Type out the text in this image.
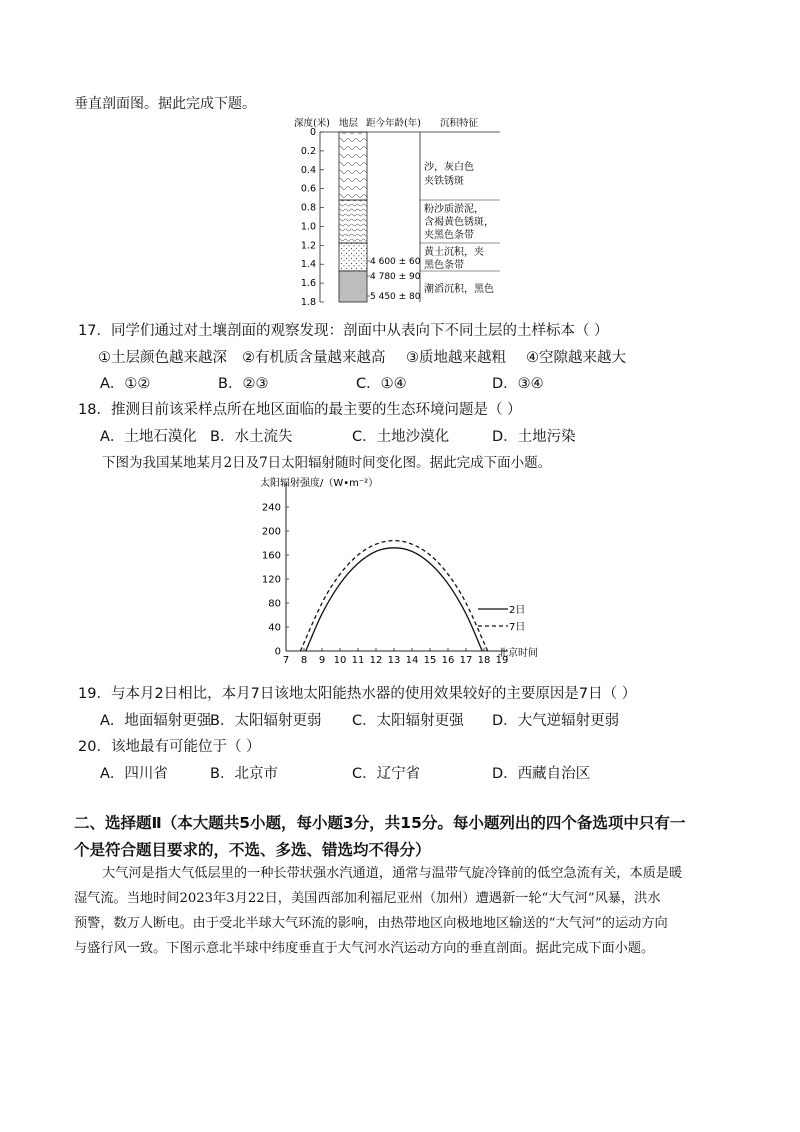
垂直剖面图。据此完成下题。
深度(米) 地层 距今年龄(年) 沉积特征
0
0.2
0.4
0.6
0.8
1.0
1.2
1.4
1.6
1.8
4 600 ± 60
4 780 ± 90
5 450 ± 80
沙，灰白色
夹铁锈斑
粉沙质淤泥，
含褐黄色锈斑，
夹黑色条带
黄土沉积，夹
黑色条带
潮滔沉积，黑色
17．同学们通过对土壤剖面的观察发现：剖面中从表向下不同土层的土样标本（ ）
①土层颜色越来越深 ②有机质含量越来越高 ③质地越来越粗 ④空隙越来越大
A．①②	B．②③	C．①④	D．③④
18．推测目前该采样点所在地区面临的最主要的生态环境问题是（ ）
A．土地石漠化 B．水土流失	C．土地沙漠化	D．土地污染
下图为我国某地某月2日及7日太阳辐射随时间变化图。据此完成下面小题。
太阳辐射强度/（W•m⁻²）
北京时间
7 8 9 10 11 12 13 14 15 16 17 18 19
0
40
80
120
160
200
240
2日
7日
19．与本月2日相比，本月7日该地太阳能热水器的使用效果较好的主要原因是7日（ ）
A．地面辐射更强B．太阳辐射更弱 C．太阳辐射更强 D．大气逆辐射更弱
20．该地最有可能位于（ ）
A．四川省	B．北京市	C．辽宁省	D．西藏自治区
二、选择题Ⅱ（本大题共5小题，每小题3分，共15分。每小题列出的四个备选项中只有一
个是符合题目要求的，不选、多选、错选均不得分）
大气河是指大气低层里的一种长带状强水汽通道，通常与温带气旋冷锋前的低空急流有关，本质是暖
湿气流。当地时间2023年3月22日，美国西部加利福尼亚州（加州）遭遇新一轮“大气河”风暴，洪水
预警，数万人断电。由于受北半球大气环流的影响，由热带地区向极地地区输送的“大气河”的运动方向
与盛行风一致。下图示意北半球中纬度垂直于大气河水汽运动方向的垂直剖面。据此完成下面小题。
